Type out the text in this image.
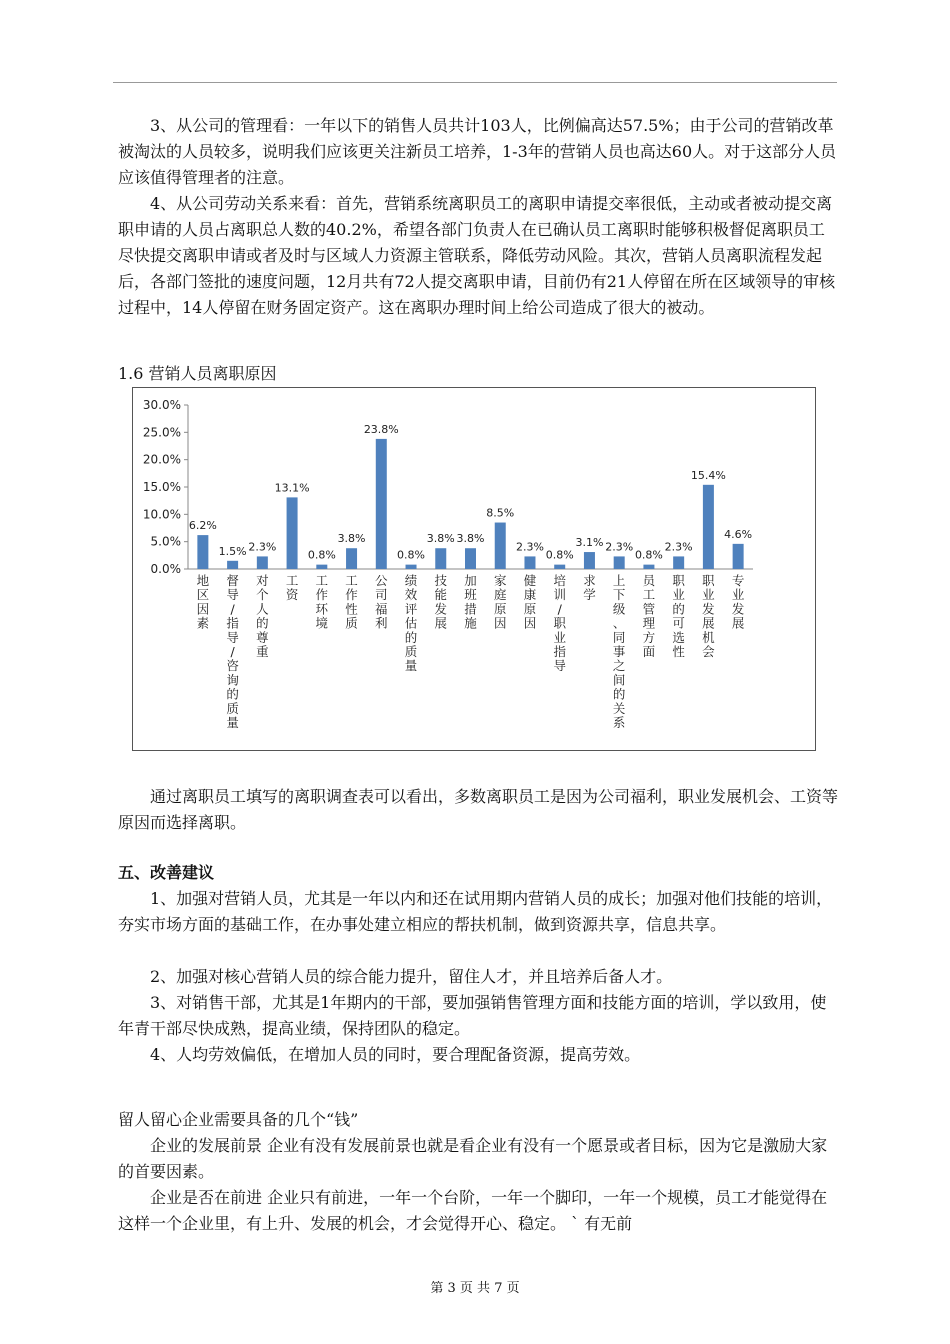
3、从公司的管理看：一年以下的销售人员共计103人，比例偏高达57.5%；由于公司的营销改革被淘汰的人员较多，说明我们应该更关注新员工培养，1-3年的营销人员也高达60人。对于这部分人员应该值得管理者的注意。

4、从公司劳动关系来看：首先，营销系统离职员工的离职申请提交率很低，主动或者被动提交离职申请的人员占离职总人数的40.2%，希望各部门负责人在已确认员工离职时能够积极督促离职员工尽快提交离职申请或者及时与区域人力资源主管联系，降低劳动风险。其次，营销人员离职流程发起后，各部门签批的速度问题，12月共有72人提交离职申请，目前仍有21人停留在所在区域领导的审核过程中，14人停留在财务固定资产。这在离职办理时间上给公司造成了很大的被动。

1.6 营销人员离职原因
0.0%
5.0%
10.0%
15.0%
20.0%
25.0%
30.0%
6.2%
地区因素
1.5%
督导/指导/咨询的质量
2.3%
对个人的尊重
13.1%
工资
0.8%
工作环境
3.8%
工作性质
23.8%
公司福利
0.8%
绩效评估的质量
3.8%
技能发展
3.8%
加班措施
8.5%
家庭原因
2.3%
健康原因
0.8%
培训/职业指导
3.1%
求学
2.3%
上下级、同事之间的关系
0.8%
员工管理方面
2.3%
职业的可选性
15.4%
职业发展机会
4.6%
专业发展

通过离职员工填写的离职调查表可以看出，多数离职员工是因为公司福利，职业发展机会、工资等原因而选择离职。

五、改善建议

1、加强对营销人员，尤其是一年以内和还在试用期内营销人员的成长；加强对他们技能的培训，夯实市场方面的基础工作，在办事处建立相应的帮扶机制，做到资源共享，信息共享。

2、加强对核心营销人员的综合能力提升，留住人才，并且培养后备人才。

3、对销售干部，尤其是1年期内的干部，要加强销售管理方面和技能方面的培训，学以致用，使年青干部尽快成熟，提高业绩，保持团队的稳定。

4、人均劳效偏低，在增加人员的同时，要合理配备资源，提高劳效。

留人留心企业需要具备的几个“钱”

企业的发展前景 企业有没有发展前景也就是看企业有没有一个愿景或者目标，因为它是激励大家的首要因素。

企业是否在前进 企业只有前进，一年一个台阶，一年一个脚印，一年一个规模，员工才能觉得在这样一个企业里，有上升、发展的机会，才会觉得开心、稳定。 ` 有无前

第 3 页 共 7 页
